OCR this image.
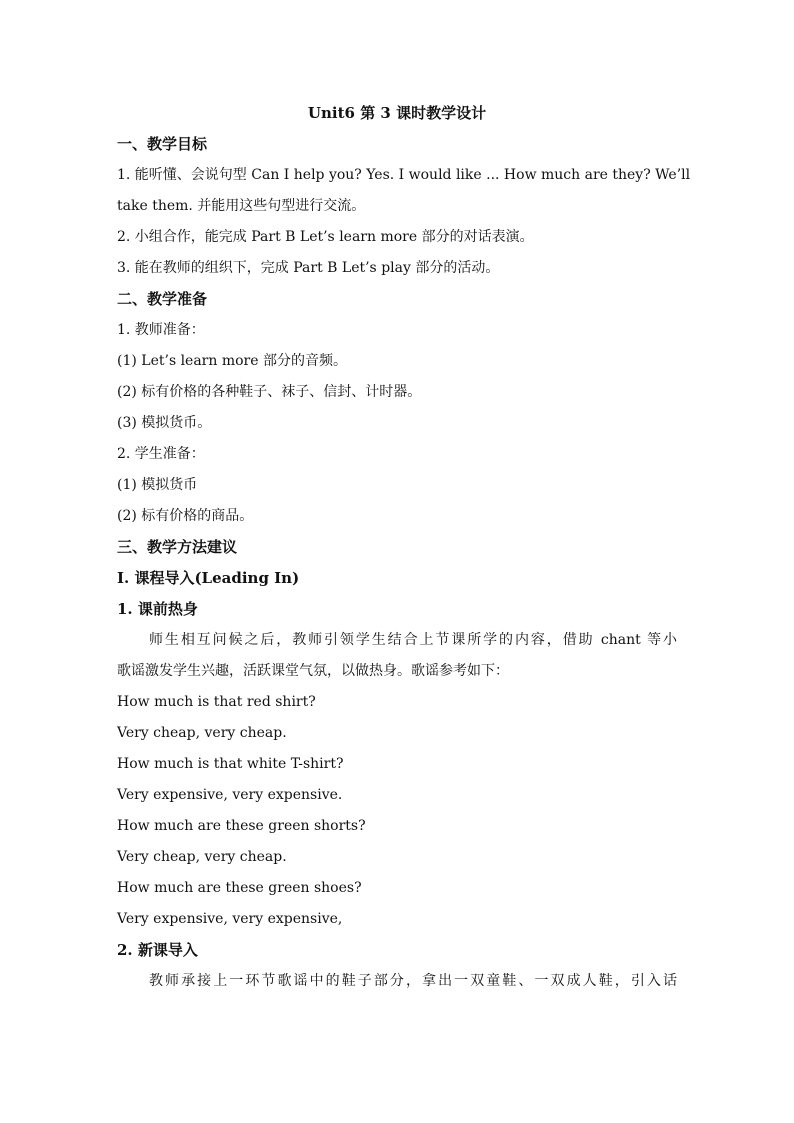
Unit6 第 3 课时教学设计
一、教学目标
1. 能听懂、会说句型 Can I help you? Yes. I would like ... How much are they? We’ll
take them. 并能用这些句型进行交流。
2. 小组合作，能完成 Part B Let’s learn more 部分的对话表演。
3. 能在教师的组织下，完成 Part B Let’s play 部分的活动。
二、教学准备
1. 教师准备：
(1) Let’s learn more 部分的音频。
(2) 标有价格的各种鞋子、袜子、信封、计时器。
(3) 模拟货币。
2. 学生准备：
(1) 模拟货币
(2) 标有价格的商品。
三、教学方法建议
I. 课程导入(Leading In)
1. 课前热身
师生相互问候之后，教师引领学生结合上节课所学的内容，借助 chant 等小
歌谣激发学生兴趣，活跃课堂气氛，以做热身。歌谣参考如下：
How much is that red shirt?
Very cheap, very cheap.
How much is that white T-shirt?
Very expensive, very expensive.
How much are these green shorts?
Very cheap, very cheap.
How much are these green shoes?
Very expensive, very expensive,
2. 新课导入
教师承接上一环节歌谣中的鞋子部分，拿出一双童鞋、一双成人鞋，引入话
